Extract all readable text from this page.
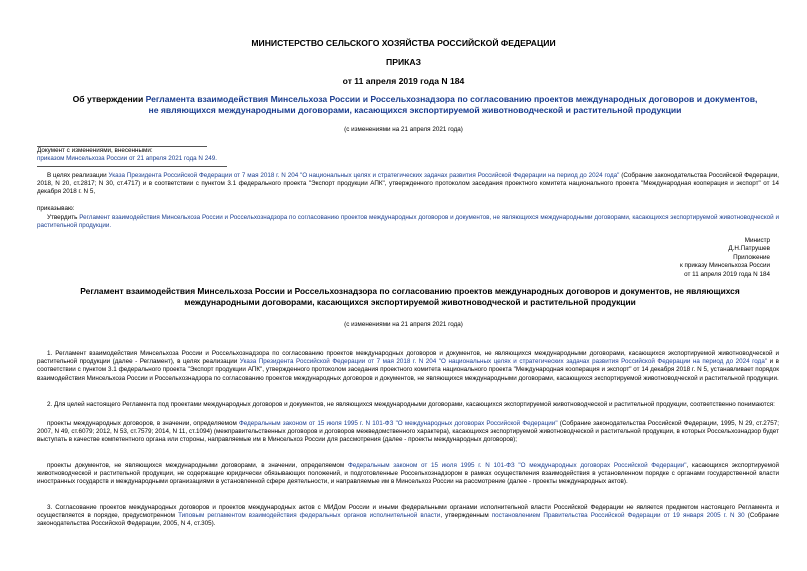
МИНИСТЕРСТВО СЕЛЬСКОГО ХОЗЯЙСТВА РОССИЙСКОЙ ФЕДЕРАЦИИ
ПРИКАЗ
от 11 апреля 2019 года N 184
Об утверждении Регламента взаимодействия Минсельхоза России и Россельхознадзора по согласованию проектов международных договоров и документов, не являющихся международными договорами, касающихся экспортируемой животноводческой и растительной продукции
(с изменениями на 21 апреля 2021 года)
Документ с изменениями, внесенными:
приказом Минсельхоза России от 21 апреля 2021 года N 249.
В целях реализации Указа Президента Российской Федерации от 7 мая 2018 г. N 204 "О национальных целях и стратегических задачах развития Российской Федерации на период до 2024 года" (Собрание законодательства Российской Федерации, 2018, N 20, ст.2817; N 30, ст.4717) и в соответствии с пунктом 3.1 федерального проекта "Экспорт продукции АПК", утвержденного протоколом заседания проектного комитета национального проекта "Международная кооперация и экспорт" от 14 декабря 2018 г. N 5,
приказываю:
Утвердить Регламент взаимодействия Минсельхоза России и Россельхознадзора по согласованию проектов международных договоров и документов, не являющихся международными договорами, касающихся экспортируемой животноводческой и растительной продукции.
Министр
Д.Н.Патрушев
Приложение
к приказу Минсельхоза России
от 11 апреля 2019 года N 184
Регламент взаимодействия Минсельхоза России и Россельхознадзора по согласованию проектов международных договоров и документов, не являющихся международными договорами, касающихся экспортируемой животноводческой и растительной продукции
(с изменениями на 21 апреля 2021 года)
1. Регламент взаимодействия Минсельхоза России и Россельхознадзора по согласованию проектов международных договоров и документов, не являющихся международными договорами, касающихся экспортируемой животноводческой и растительной продукции (далее - Регламент), в целях реализации Указа Президента Российской Федерации от 7 мая 2018 г. N 204 "О национальных целях и стратегических задачах развития Российской Федерации на период до 2024 года" и в соответствии с пунктом 3.1 федерального проекта "Экспорт продукции АПК", утвержденного протоколом заседания проектного комитета национального проекта "Международная кооперация и экспорт" от 14 декабря 2018 г. N 5, устанавливает порядок взаимодействия Минсельхоза России и Россельхознадзора по согласованию проектов международных договоров и документов, не являющихся международными договорами, касающихся экспортируемой животноводческой и растительной продукции.
2. Для целей настоящего Регламента под проектами международных договоров и документов, не являющихся международными договорами, касающихся экспортируемой животноводческой и растительной продукции, соответственно понимаются:
проекты международных договоров, в значении, определяемом Федеральным законом от 15 июля 1995 г. N 101-ФЗ "О международных договорах Российской Федерации" (Собрание законодательства Российской Федерации, 1995, N 29, ст.2757; 2007, N 49, ст.6079; 2012, N 53, ст.7579; 2014, N 11, ст.1094) (межправительственных договоров и договоров межведомственного характера), касающихся экспортируемой животноводческой и растительной продукции, в которых Россельхознадзор будет выступать в качестве компетентного органа или стороны, направляемые им в Минсельхоз России для рассмотрения (далее - проекты международных договоров);
проекты документов, не являющихся международными договорами, в значении, определяемом Федеральным законом от 15 июля 1995 г. N 101-ФЗ "О международных договорах Российской Федерации", касающихся экспортируемой животноводческой и растительной продукции, не содержащие юридически обязывающих положений, и подготовленные Россельхознадзором в рамках осуществления взаимодействия в установленном порядке с органами государственной власти иностранных государств и международными организациями в установленной сфере деятельности, и направляемые им в Минсельхоз России на рассмотрение (далее - проекты международных актов).
3. Согласование проектов международных договоров и проектов международных актов с МИДом России и иными федеральными органами исполнительной власти Российской Федерации не является предметом настоящего Регламента и осуществляется в порядке, предусмотренном Типовым регламентом взаимодействия федеральных органов исполнительной власти, утвержденным постановлением Правительства Российской Федерации от 19 января 2005 г. N 30 (Собрание законодательства Российской Федерации, 2005, N 4, ст.305).
